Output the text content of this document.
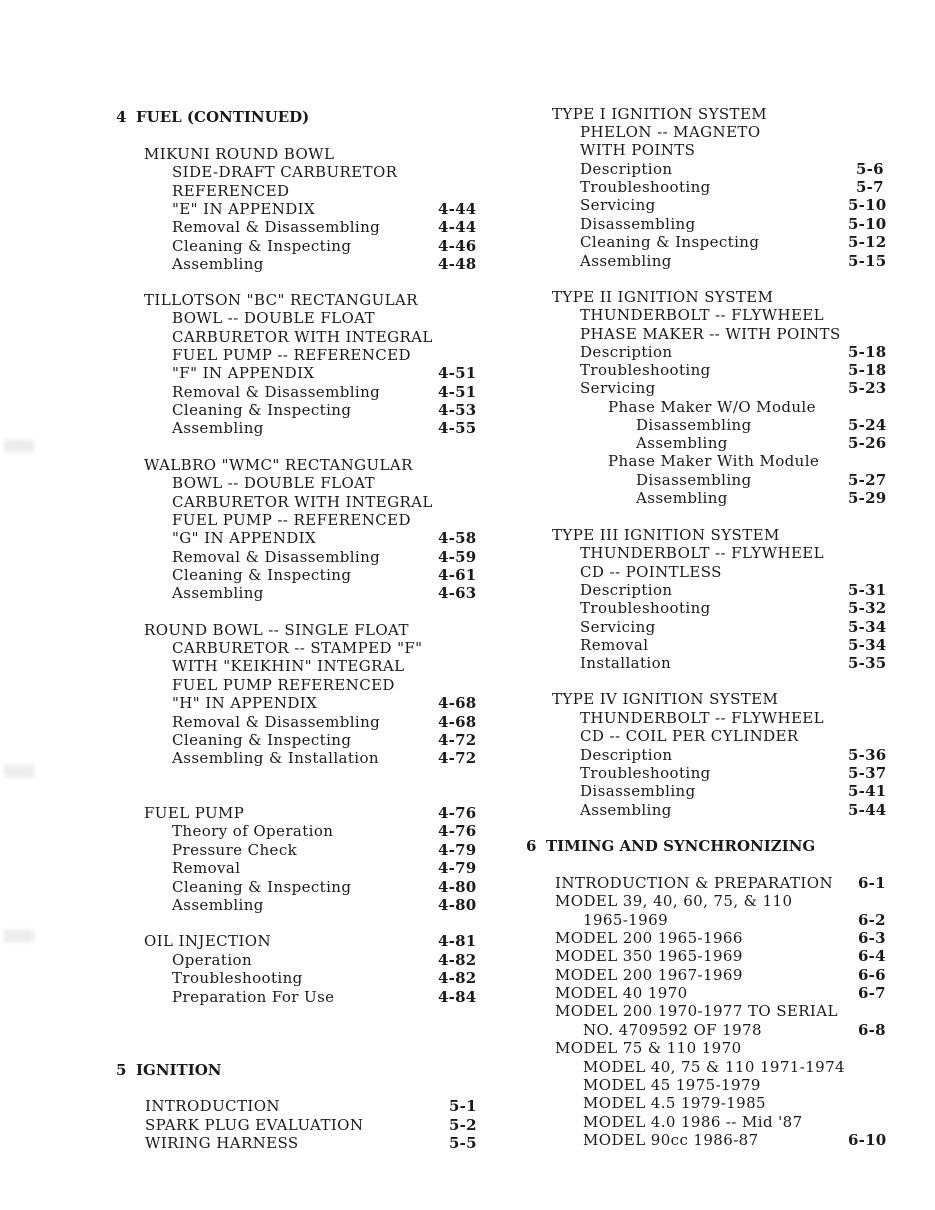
4 FUEL (CONTINUED)
MIKUNI ROUND BOWL
SIDE-DRAFT CARBURETOR
REFERENCED
"E" IN APPENDIX	4-44
Removal & Disassembling	4-44
Cleaning & Inspecting	4-46
Assembling	4-48
TILLOTSON "BC" RECTANGULAR
BOWL -- DOUBLE FLOAT
CARBURETOR WITH INTEGRAL
FUEL PUMP -- REFERENCED
"F" IN APPENDIX	4-51
Removal & Disassembling	4-51
Cleaning & Inspecting	4-53
Assembling	4-55
WALBRO "WMC" RECTANGULAR
BOWL -- DOUBLE FLOAT
CARBURETOR WITH INTEGRAL
FUEL PUMP -- REFERENCED
"G" IN APPENDIX	4-58
Removal & Disassembling	4-59
Cleaning & Inspecting	4-61
Assembling	4-63
ROUND BOWL -- SINGLE FLOAT
CARBURETOR -- STAMPED "F"
WITH "KEIKHIN" INTEGRAL
FUEL PUMP REFERENCED
"H" IN APPENDIX	4-68
Removal & Disassembling	4-68
Cleaning & Inspecting	4-72
Assembling & Installation	4-72
FUEL PUMP	4-76
Theory of Operation	4-76
Pressure Check	4-79
Removal	4-79
Cleaning & Inspecting	4-80
Assembling	4-80
OIL INJECTION	4-81
Operation	4-82
Troubleshooting	4-82
Preparation For Use	4-84
5 IGNITION
INTRODUCTION	5-1
SPARK PLUG EVALUATION	5-2
WIRING HARNESS	5-5
TYPE I IGNITION SYSTEM
PHELON -- MAGNETO
WITH POINTS
Description	5-6
Troubleshooting	5-7
Servicing	5-10
Disassembling	5-10
Cleaning & Inspecting	5-12
Assembling	5-15
TYPE II IGNITION SYSTEM
THUNDERBOLT -- FLYWHEEL
PHASE MAKER -- WITH POINTS
Description	5-18
Troubleshooting	5-18
Servicing	5-23
Phase Maker W/O Module
Disassembling	5-24
Assembling	5-26
Phase Maker With Module
Disassembling	5-27
Assembling	5-29
TYPE III IGNITION SYSTEM
THUNDERBOLT -- FLYWHEEL
CD -- POINTLESS
Description	5-31
Troubleshooting	5-32
Servicing	5-34
Removal	5-34
Installation	5-35
TYPE IV IGNITION SYSTEM
THUNDERBOLT -- FLYWHEEL
CD -- COIL PER CYLINDER
Description	5-36
Troubleshooting	5-37
Disassembling	5-41
Assembling	5-44
6 TIMING AND SYNCHRONIZING
INTRODUCTION & PREPARATION 6-1
MODEL 39, 40, 60, 75, & 110
1965-1969	6-2
MODEL 200 1965-1966	6-3
MODEL 350 1965-1969	6-4
MODEL 200 1967-1969	6-6
MODEL 40 1970	6-7
MODEL 200 1970-1977 TO SERIAL
NO. 4709592 OF 1978	6-8
MODEL 75 & 110 1970
MODEL 40, 75 & 110 1971-1974
MODEL 45 1975-1979
MODEL 4.5 1979-1985
MODEL 4.0 1986 -- Mid '87
MODEL 90cc 1986-87	6-10
